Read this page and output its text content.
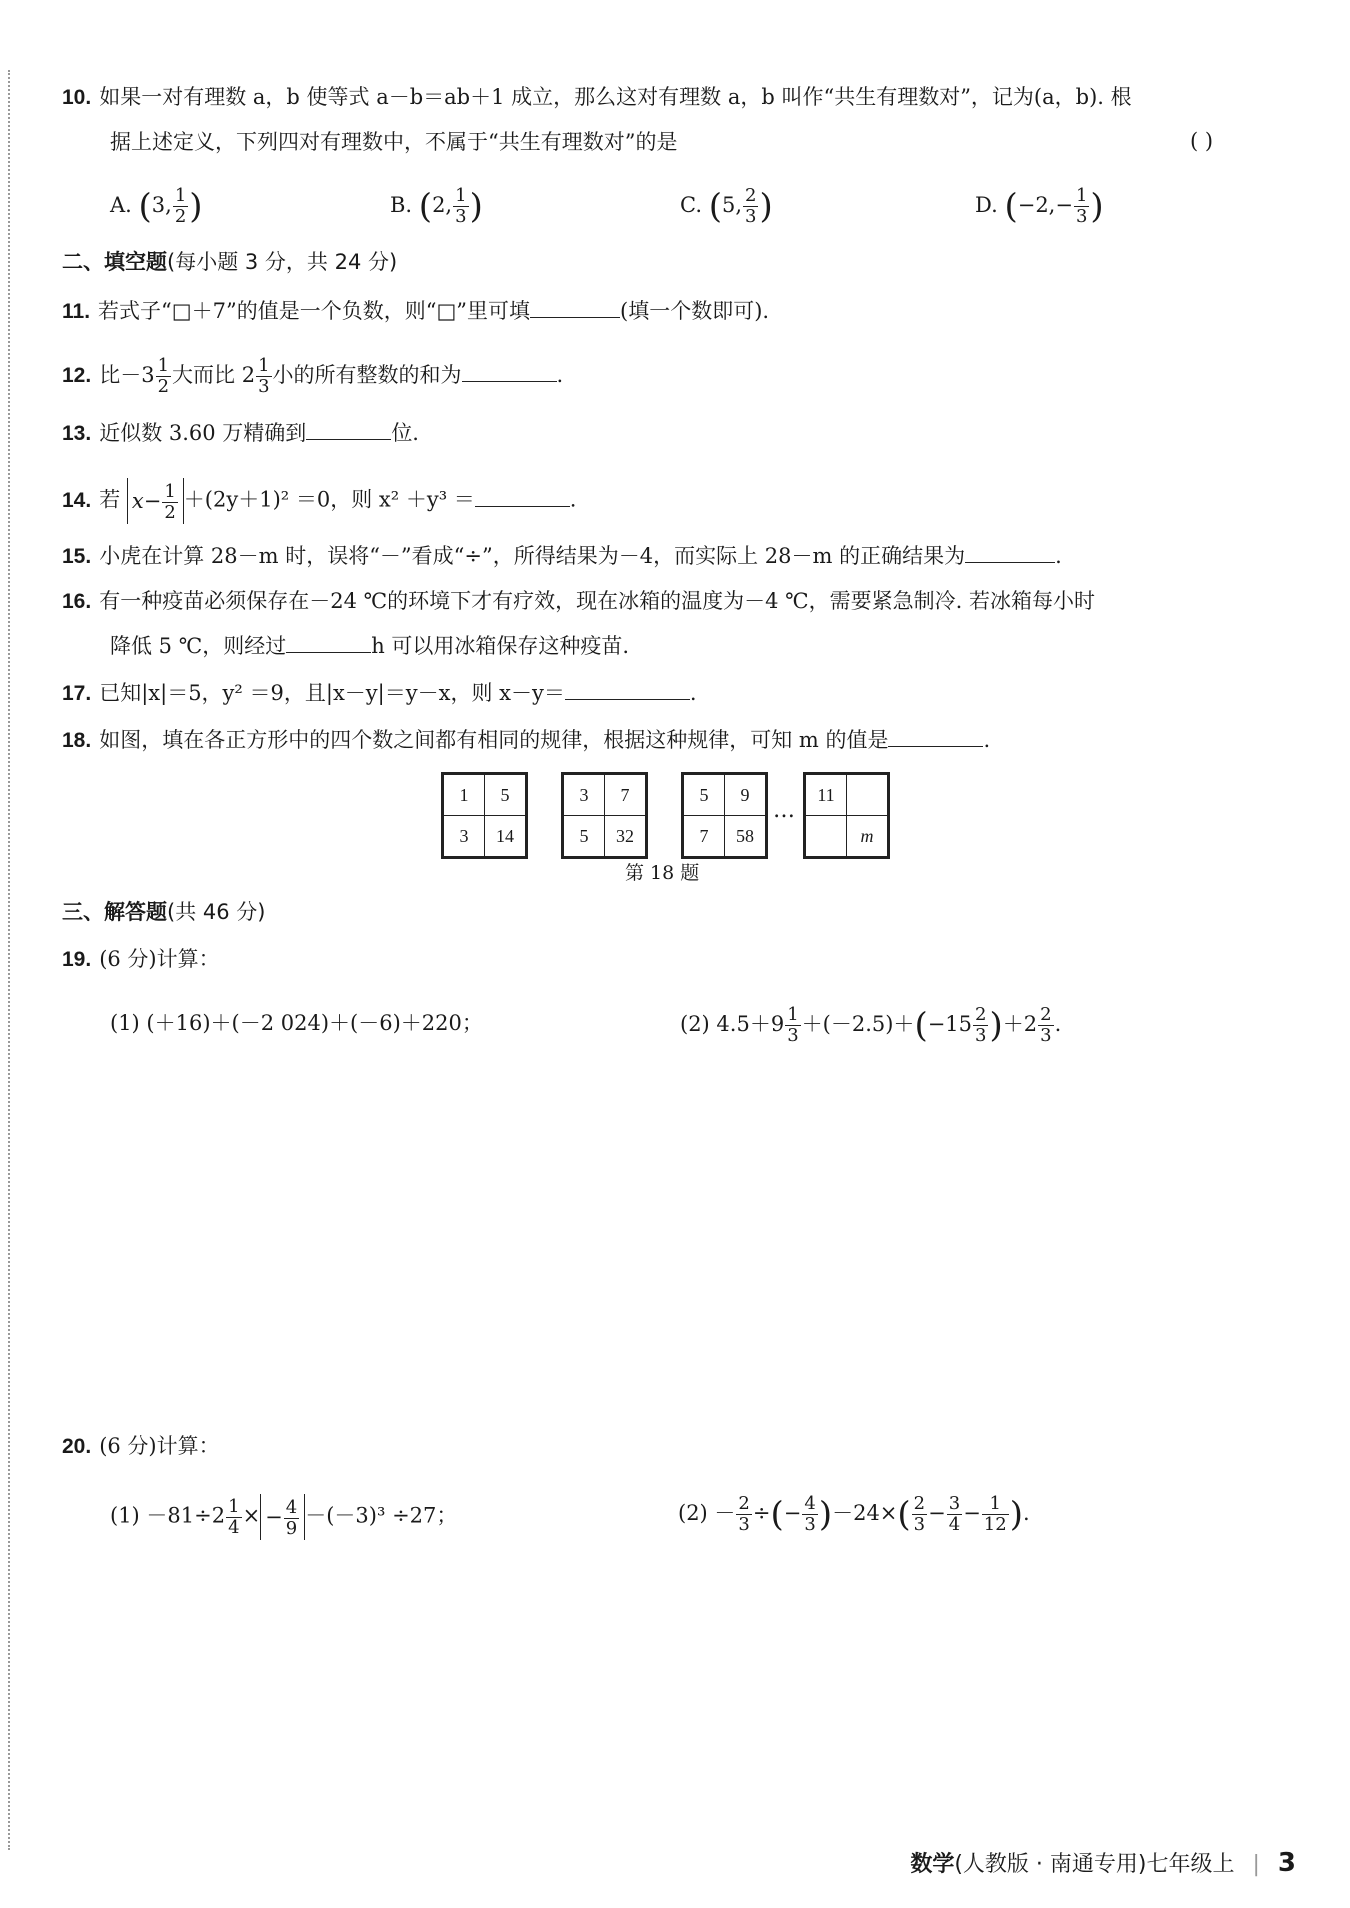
10. 如果一对有理数 a，b 使等式 a－b＝ab＋1 成立，那么这对有理数 a，b 叫作“共生有理数对”，记为(a，b). 根
据上述定义，下列四对有理数中，不属于“共生有理数对”的是	( )
A. (3, $\frac{1}{2}$ )	B. (2, $\frac{1}{3}$ )	C. (5, $\frac{2}{3}$ )	D. ($-2,- \frac{1}{3}$ )
二、填空题(每小题 3 分，共 24 分)
11. 若式子“□＋7”的值是一个负数，则“□”里可填	(填一个数即可).
12. 比$-3 \frac{1}{2}$ 大而比 $2 \frac{1}{3}$ 小的所有整数的和为	.
13. 近似数 3.60 万精确到	位.
14. 若 $x- \frac{1}{2} +(2y+1)^2 =0$，则 x² ＋y³ ＝	.
15. 小虎在计算 28－m 时，误将“－”看成“÷”，所得结果为－4，而实际上 28－m 的正确结果为	.
16. 有一种疫苗必须保存在－24 ℃的环境下才有疗效，现在冰箱的温度为－4 ℃，需要紧急制冷. 若冰箱每小时
降低 5 ℃，则经过	h 可以用冰箱保存这种疫苗.
17. 已知|x|＝5，y² ＝9，且|x－y|＝y－x，则 x－y＝	.
18. 如图，填在各正方形中的四个数之间都有相同的规律，根据这种规律，可知 m 的值是	.
1	5
3	14
3	7
5	32
5	9
7	58
…
11	
	m
第 18 题
三、解答题(共 46 分)
19. (6 分)计算：
(1) (＋16)＋(－2 024)＋(－6)＋220；	(2) $4.5+9 \frac{1}{3} +(-2.5)+(-15 \frac{2}{3} )+2 \frac{2}{3}$ .
20. (6 分)计算：
$(1) -81\div 2 \frac{1}{4}$ × − $\frac{4}{9} -(-3)^3 \div 27$；	$(2) - \frac{2}{3}$ ÷(− $\frac{4}{3} )-24\times( \frac{2}{3} - \frac{3}{4} - \frac{1}{12}$ ).
数学(人教版 · 南通专用)七年级上 | 3
